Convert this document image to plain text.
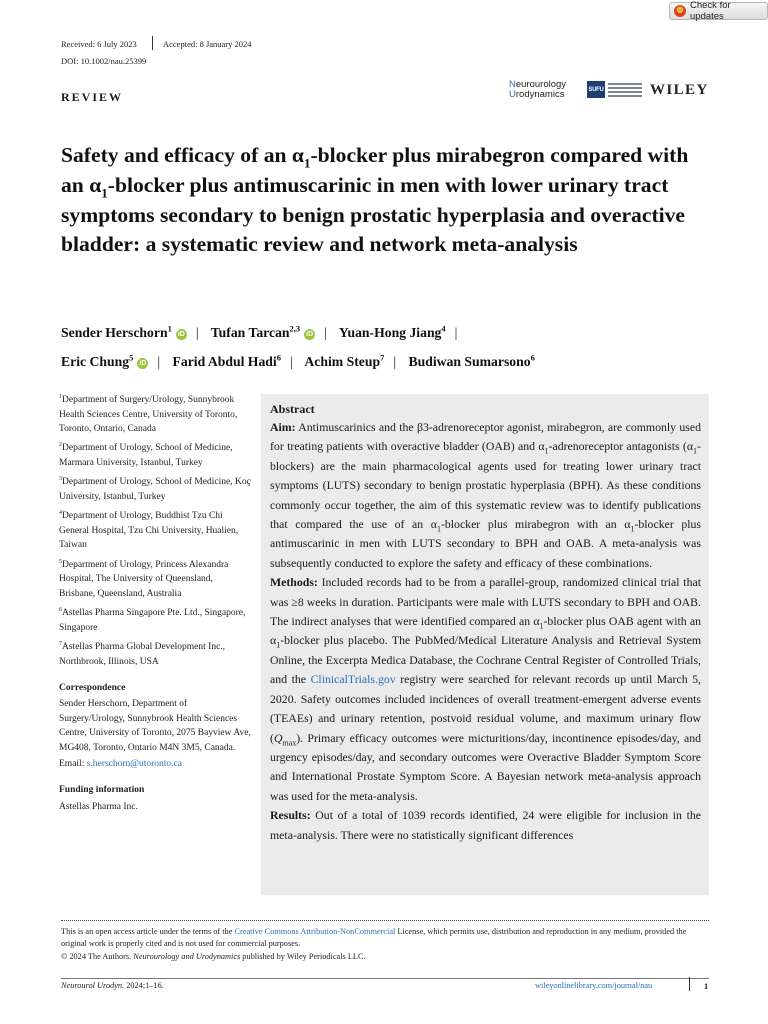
Check for updates
Received: 6 July 2023	Accepted: 8 January 2024
DOI: 10.1002/nau.25399
REVIEW
Neurourology
Urodynamics	SUFU	WILEY
Safety and efficacy of an $\alpha_1$-blocker plus mirabegron compared with an $\alpha_1$-blocker plus antimuscarinic in men with lower urinary tract symptoms secondary to benign prostatic hyperplasia and overactive bladder: a systematic review and network meta-analysis
Sender Herschorn$^1$iD | Tufan Tarcan$^{2,3}$iD | Yuan-Hong Jiang$^4$ |
Eric Chung$^5$iD | Farid Abdul Hadi$^6$ | Achim Steup$^7$ | Budiwan Sumarsono$^6$

$^1$Department of Surgery/Urology, Sunnybrook Health Sciences Centre, University of Toronto, Toronto, Ontario, Canada

$^2$Department of Urology, School of Medicine, Marmara University, Istanbul, Turkey

$^3$Department of Urology, School of Medicine, Koç University, Istanbul, Turkey

$^4$Department of Urology, Buddhist Tzu Chi General Hospital, Tzu Chi University, Hualien, Taiwan

$^5$Department of Urology, Princess Alexandra Hospital, The University of Queensland, Brisbane, Queensland, Australia

$^6$Astellas Pharma Singapore Pte. Ltd., Singapore, Singapore

$^7$Astellas Pharma Global Development Inc., Northbrook, Illinois, USA

Correspondence

Sender Herschorn, Department of Surgery/Urology, Sunnybrook Health Sciences Centre, University of Toronto, 2075 Bayview Ave, MG408, Toronto, Ontario M4N 3M5, Canada.

Email: s.herschorn@utoronto.ca

Funding information

Astellas Pharma Inc.

Abstract

Aim: Antimuscarinics and the β3-adrenoreceptor agonist, mirabegron, are commonly used for treating patients with overactive bladder (OAB) and $\alpha_1$-adrenoreceptor antagonists $(\alpha_1-blockers)$ are the main pharmacological agents used for treating lower urinary tract symptoms (LUTS) secondary to benign prostatic hyperplasia (BPH). As these conditions commonly occur together, the aim of this systematic review was to identify publications that compared the use of an $\alpha_1$-blocker plus mirabegron with an $\alpha_1$-blocker plus antimuscarinic in men with LUTS secondary to BPH and OAB. A meta-analysis was subsequently conducted to explore the safety and efficacy of these combinations.

Methods: Included records had to be from a parallel-group, randomized clinical trial that was ≥8 weeks in duration. Participants were male with LUTS secondary to BPH and OAB. The indirect analyses that were identified compared an $\alpha_1$-blocker plus OAB agent with an $\alpha_1$-blocker plus placebo. The PubMed/Medical Literature Analysis and Retrieval System Online, the Excerpta Medica Database, the Cochrane Central Register of Controlled Trials, and the ClinicalTrials.gov registry were searched for relevant records up until March 5, 2020. Safety outcomes included incidences of overall treatment-emergent adverse events (TEAEs) and urinary retention, postvoid residual volume, and maximum urinary flow $(Q_{max})$. Primary efficacy outcomes were micturitions/day, incontinence episodes/day, and urgency episodes/day, and secondary outcomes were Overactive Bladder Symptom Score and International Prostate Symptom Score. A Bayesian network meta-analysis approach was used for the meta-analysis.

Results: Out of a total of 1039 records identified, 24 were eligible for inclusion in the meta-analysis. There were no statistically significant differences

This is an open access article under the terms of the Creative Commons Attribution-NonCommercial License, which permits use, distribution and reproduction in any medium, provided the original work is properly cited and is not used for commercial purposes.
© 2024 The Authors. Neurourology and Urodynamics published by Wiley Periodicals LLC.
Neurourol Urodyn. 2024;1–16.	wileyonlinelibrary.com/journal/nau	1
